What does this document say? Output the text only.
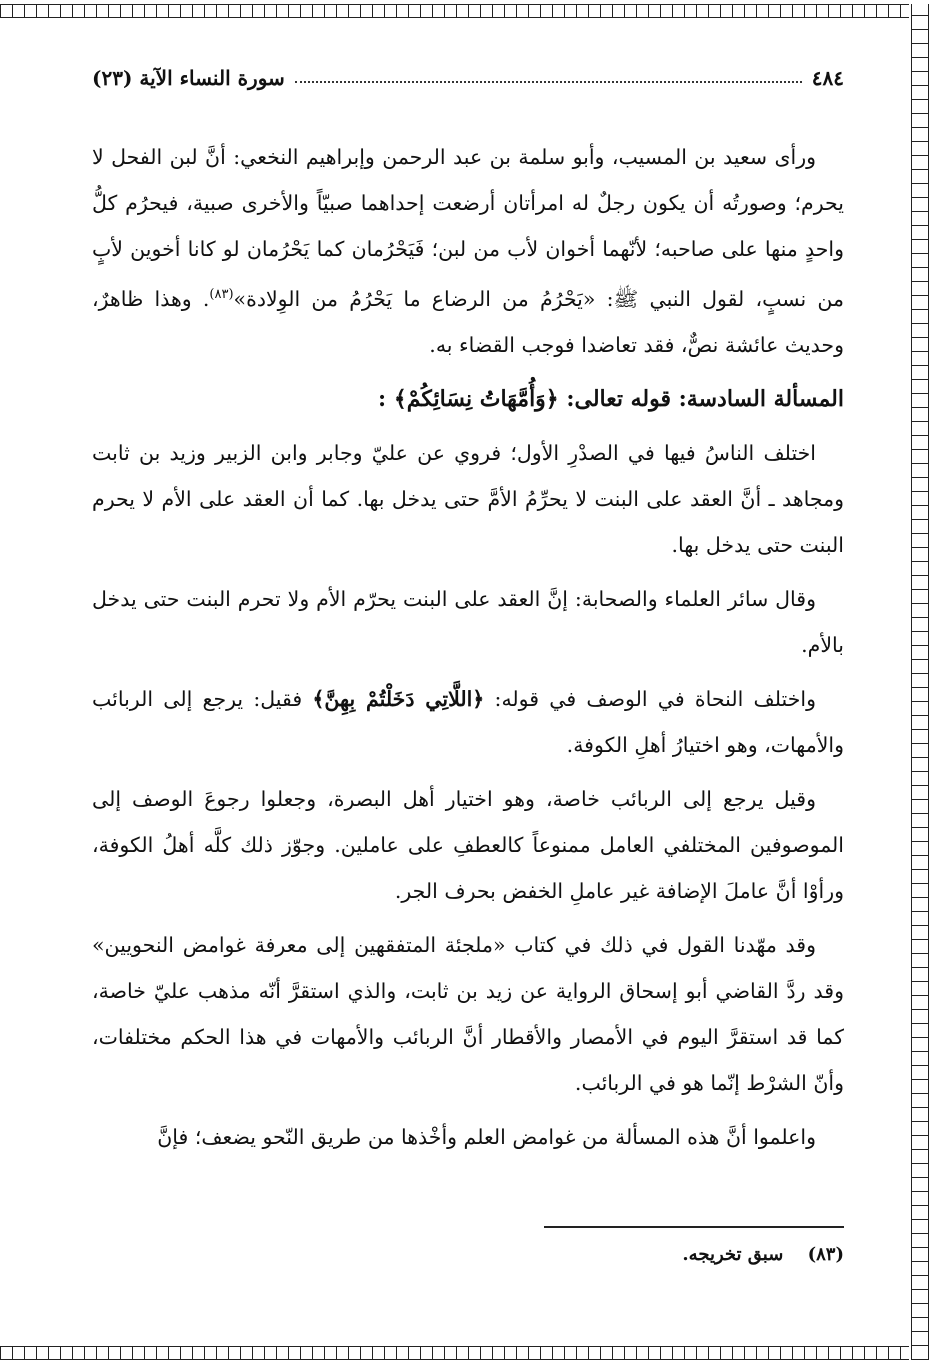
٤٨٤
سورة النساء الآية (٢٣)

ورأى سعيد بن المسيب، وأبو سلمة بن عبد الرحمن وإبراهيم النخعي: أنَّ لبن الفحل لا يحرم؛ وصورتُه أن يكون رجلٌ له امرأتان أرضعت إحداهما صبيّاً والأخرى صبية، فيحرُم كلُّ واحدٍ منها على صاحبه؛ لأنّهما أخوان لأب من لبن؛ فَيَحْرُمان كما يَحْرُمان لو كانا أخوين لأبٍ من نسبٍ، لقول النبي ﷺ: «يَحْرُمُ من الرضاع ما يَحْرُمُ من الوِلادة»$^{(٨٣)}$. وهذا ظاهرٌ، وحديث عائشة نصٌّ، فقد تعاضدا فوجب القضاء به.

المسألة السادسة: قوله تعالى: ﴿وَأُمَّهَاتُ نِسَائِكُمْ﴾ :

اختلف الناسُ فيها في الصدْرِ الأول؛ فروي عن عليّ وجابر وابن الزبير وزيد بن ثابت ومجاهد ـ أنَّ العقد على البنت لا يحرِّمُ الأمَّ حتى يدخل بها. كما أن العقد على الأم لا يحرم البنت حتى يدخل بها.

وقال سائر العلماء والصحابة: إنَّ العقد على البنت يحرّم الأم ولا تحرم البنت حتى يدخل بالأم.

واختلف النحاة في الوصف في قوله: ﴿اللَّاتِي دَخَلْتُمْ بِهِنَّ﴾ فقيل: يرجع إلى الربائب والأمهات، وهو اختيارُ أهلِ الكوفة.

وقيل يرجع إلى الربائب خاصة، وهو اختيار أهل البصرة، وجعلوا رجوعَ الوصف إلى الموصوفين المختلفي العامل ممنوعاً كالعطفِ على عاملين. وجوّز ذلك كلَّه أهلُ الكوفة، ورأوْا أنَّ عاملَ الإضافة غير عاملِ الخفض بحرف الجر.

وقد مهّدنا القول في ذلك في كتاب «ملجئة المتفقهين إلى معرفة غوامض النحويين» وقد ردَّ القاضي أبو إسحاق الرواية عن زيد بن ثابت، والذي استقرَّ أنّه مذهب عليّ خاصة، كما قد استقرَّ اليوم في الأمصار والأقطار أنَّ الربائب والأمهات في هذا الحكم مختلفات، وأنّ الشرْط إنّما هو في الربائب.

واعلموا أنَّ هذه المسألة من غوامض العلم وأخْذها من طريق النّحو يضعف؛ فإنَّ

(٨٣) سبق تخريجه.
